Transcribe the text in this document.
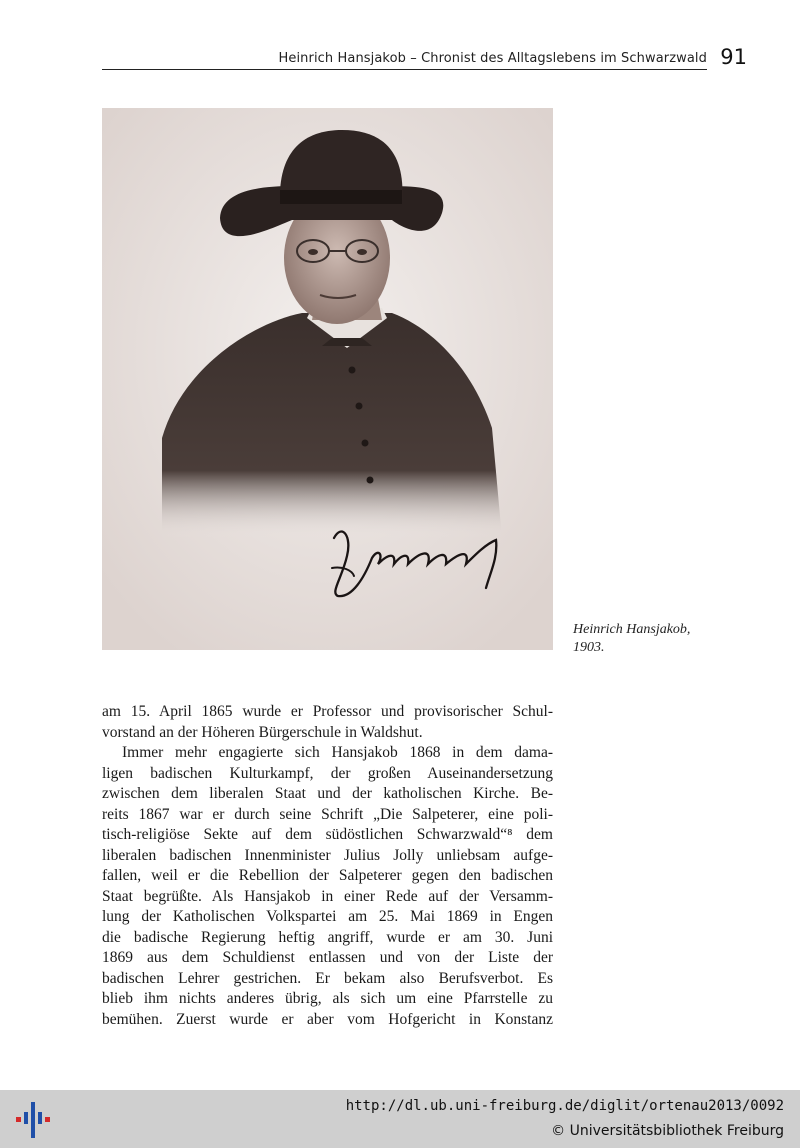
Heinrich Hansjakob – Chronist des Alltagslebens im Schwarzwald 91
Heinrich Hansjakob,
1903.
am 15. April 1865 wurde er Professor und provisorischer Schul-
vorstand an der Höheren Bürgerschule in Waldshut.
Immer mehr engagierte sich Hansjakob 1868 in dem dama-
ligen badischen Kulturkampf, der großen Auseinandersetzung
zwischen dem liberalen Staat und der katholischen Kirche. Be-
reits 1867 war er durch seine Schrift „Die Salpeterer, eine poli-
tisch-religiöse Sekte auf dem südöstlichen Schwarzwald“⁸ dem
liberalen badischen Innenminister Julius Jolly unliebsam aufge-
fallen, weil er die Rebellion der Salpeterer gegen den badischen
Staat begrüßte. Als Hansjakob in einer Rede auf der Versamm-
lung der Katholischen Volkspartei am 25. Mai 1869 in Engen
die badische Regierung heftig angriff, wurde er am 30. Juni
1869 aus dem Schuldienst entlassen und von der Liste der
badischen Lehrer gestrichen. Er bekam also Berufsverbot. Es
blieb ihm nichts anderes übrig, als sich um eine Pfarrstelle zu
bemühen. Zuerst wurde er aber vom Hofgericht in Konstanz
http://dl.ub.uni-freiburg.de/diglit/ortenau2013/0092
© Universitätsbibliothek Freiburg
